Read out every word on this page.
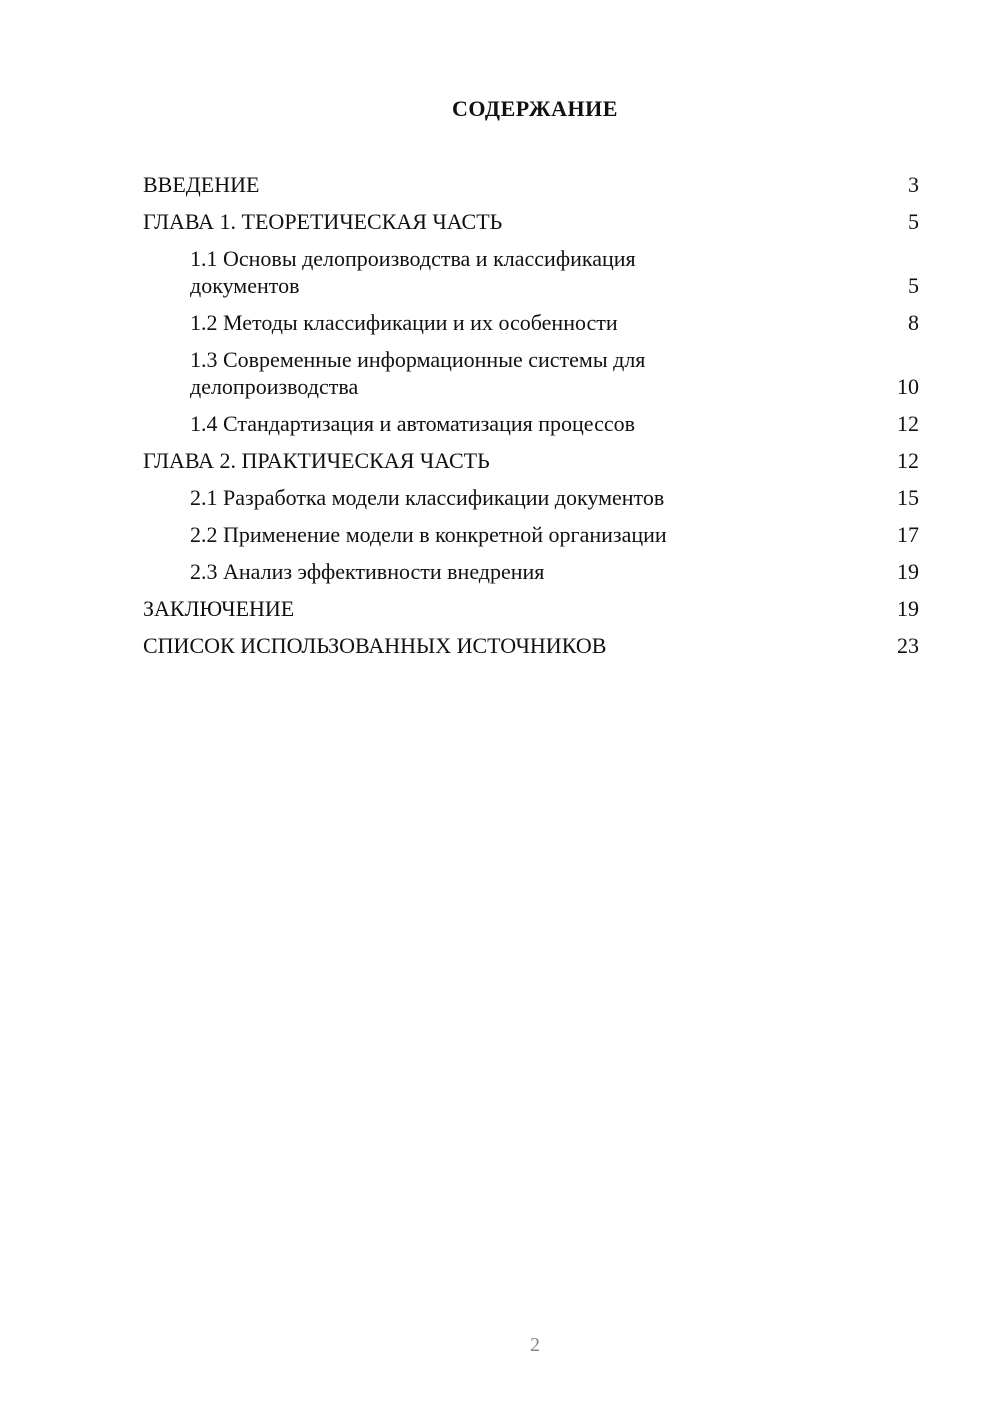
СОДЕРЖАНИЕ
ВВЕДЕНИЕ	3
ГЛАВА 1. ТЕОРЕТИЧЕСКАЯ ЧАСТЬ	5
1.1 Основы делопроизводства и классификация документов	5
1.2 Методы классификации и их особенности	8
1.3 Современные информационные системы для делопроизводства	10
1.4 Стандартизация и автоматизация процессов	12
ГЛАВА 2. ПРАКТИЧЕСКАЯ ЧАСТЬ	12
2.1 Разработка модели классификации документов	15
2.2 Применение модели в конкретной организации	17
2.3 Анализ эффективности внедрения	19
ЗАКЛЮЧЕНИЕ	19
СПИСОК ИСПОЛЬЗОВАННЫХ ИСТОЧНИКОВ	23
2
